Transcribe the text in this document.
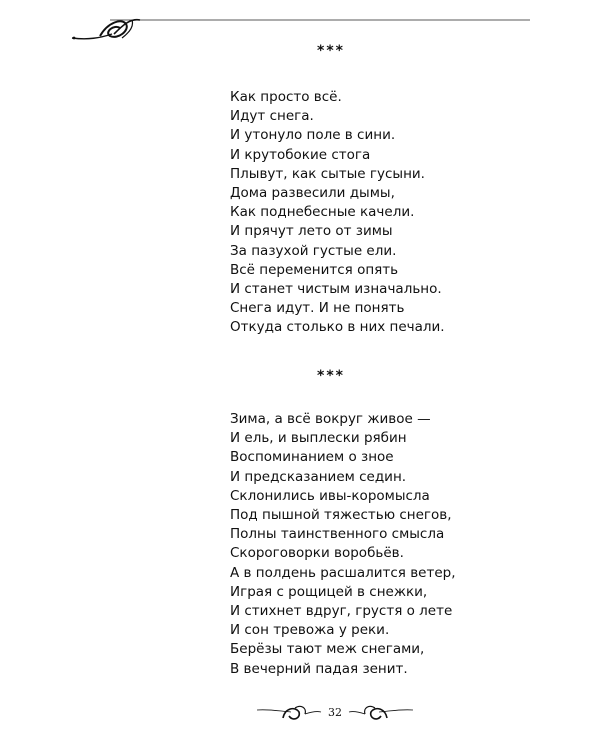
***
Как просто всё.
Идут снега.
И утонуло поле в сини.
И крутобокие стога
Плывут, как сытые гусыни.
Дома развесили дымы,
Как поднебесные качели.
И прячут лето от зимы
За пазухой густые ели.
Всё переменится опять
И станет чистым изначально.
Снега идут. И не понять
Откуда столько в них печали.
***
Зима, а всё вокруг живое —
И ель, и выплески рябин
Воспоминанием о зное
И предсказанием седин.
Склонились ивы-коромысла
Под пышной тяжестью снегов,
Полны таинственного смысла
Скороговорки воробьёв.
А в полдень расшалится ветер,
Играя с рощицей в снежки,
И стихнет вдруг, грустя о лете
И сон тревожа у реки.
Берёзы тают меж снегами,
В вечерний падая зенит.
32
